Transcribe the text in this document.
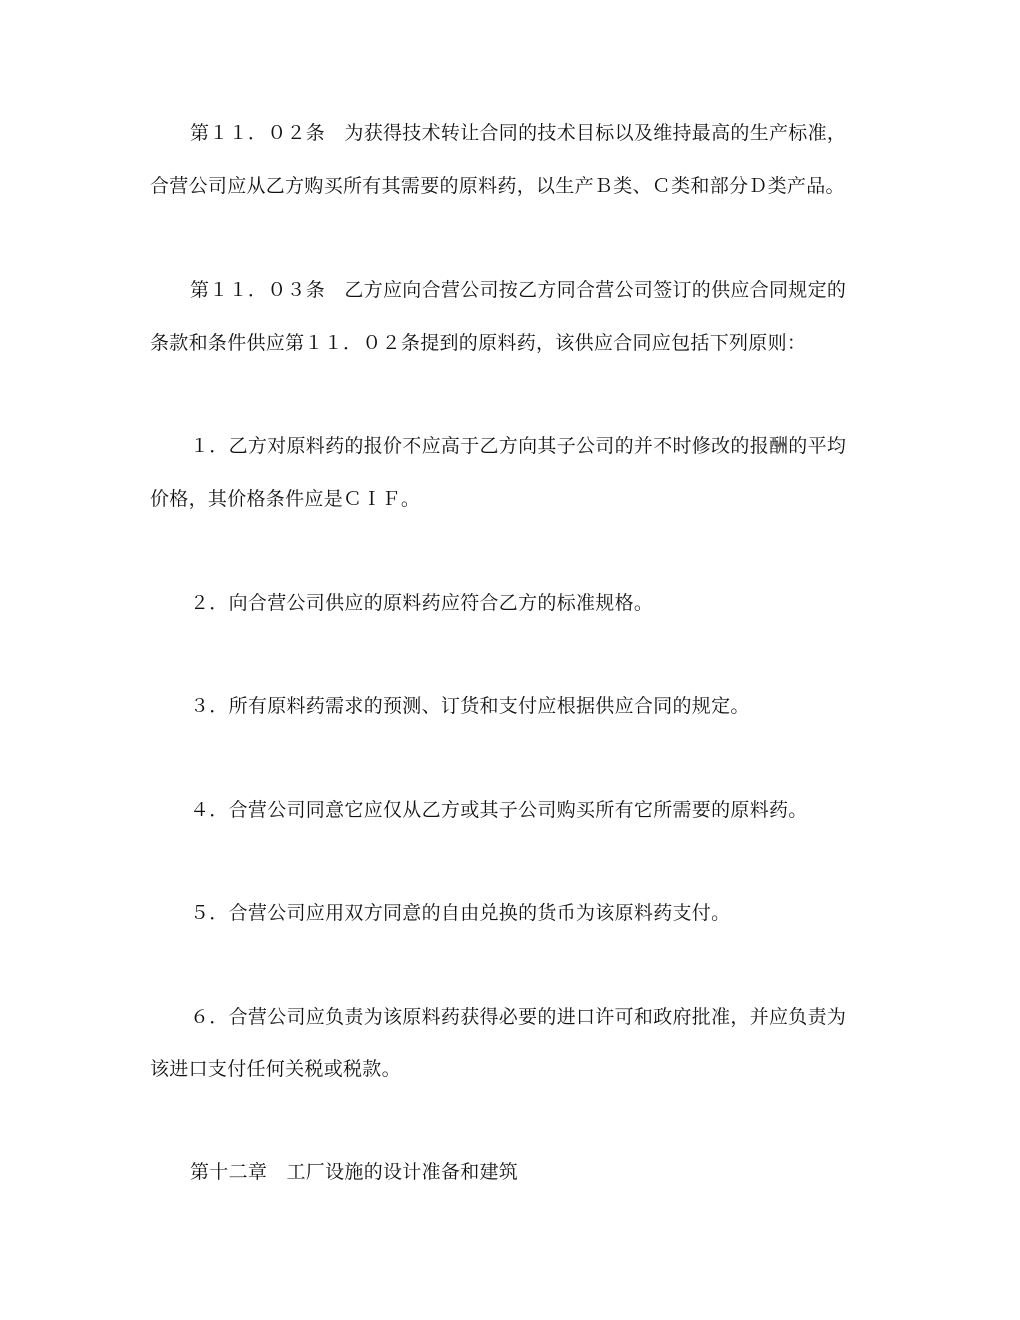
第１１．０２条　为获得技术转让合同的技术目标以及维持最高的生产标准，
合营公司应从乙方购买所有其需要的原料药，以生产Ｂ类、Ｃ类和部分Ｄ类产品。
第１１．０３条　乙方应向合营公司按乙方同合营公司签订的供应合同规定的
条款和条件供应第１１．０２条提到的原料药，该供应合同应包括下列原则：
１．乙方对原料药的报价不应高于乙方向其子公司的并不时修改的报酬的平均
价格，其价格条件应是ＣＩＦ。
２．向合营公司供应的原料药应符合乙方的标准规格。
３．所有原料药需求的预测、订货和支付应根据供应合同的规定。
４．合营公司同意它应仅从乙方或其子公司购买所有它所需要的原料药。
５．合营公司应用双方同意的自由兑换的货币为该原料药支付。
６．合营公司应负责为该原料药获得必要的进口许可和政府批准，并应负责为
该进口支付任何关税或税款。
第十二章　工厂设施的设计准备和建筑
